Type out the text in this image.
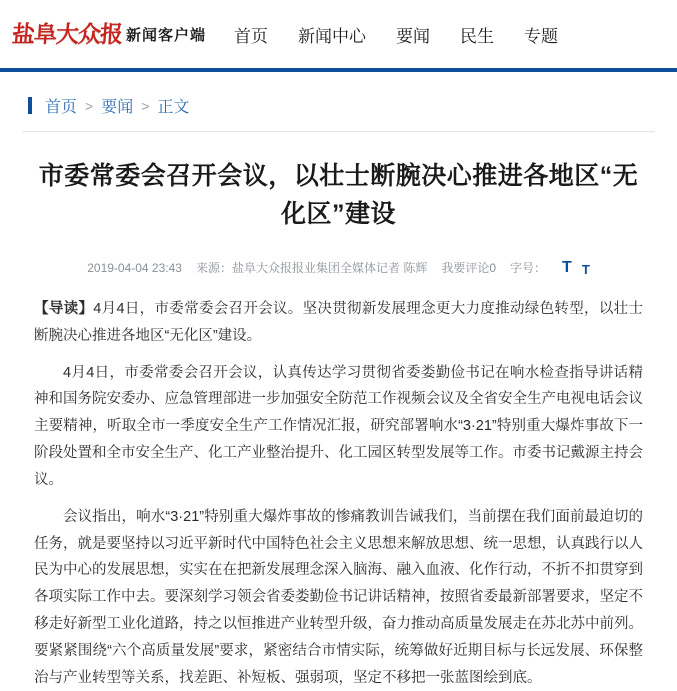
盐阜大众报 新闻客户端 首页 新闻中心 要闻 民生 专题
首页 > 要闻 > 正文
市委常委会召开会议，以壮士断腕决心推进各地区“无化区”建设
2019-04-04 23:43 来源：盐阜大众报报业集团全媒体记者 陈辉 我要评论0 字号： T T

【导读】4月4日，市委常委会召开会议。坚决贯彻新发展理念更大力度推动绿色转型，以壮士断腕决心推进各地区“无化区”建设。

4月4日，市委常委会召开会议，认真传达学习贯彻省委娄勤俭书记在响水检查指导讲话精神和国务院安委办、应急管理部进一步加强安全防范工作视频会议及全省安全生产电视电话会议主要精神，听取全市一季度安全生产工作情况汇报，研究部署响水“3·21”特别重大爆炸事故下一阶段处置和全市安全生产、化工产业整治提升、化工园区转型发展等工作。市委书记戴源主持会议。

会议指出，响水“3·21”特别重大爆炸事故的惨痛教训告诫我们，当前摆在我们面前最迫切的任务，就是要坚持以习近平新时代中国特色社会主义思想来解放思想、统一思想，认真践行以人民为中心的发展思想，实实在在把新发展理念深入脑海、融入血液、化作行动，不折不扣贯穿到各项实际工作中去。要深刻学习领会省委娄勤俭书记讲话精神，按照省委最新部署要求，坚定不移走好新型工业化道路，持之以恒推进产业转型升级，奋力推动高质量发展走在苏北苏中前列。要紧紧围绕“六个高质量发展”要求，紧密结合市情实际，统筹做好近期目标与长远发展、环保整治与产业转型等关系，找差距、补短板、强弱项，坚定不移把一张蓝图绘到底。
